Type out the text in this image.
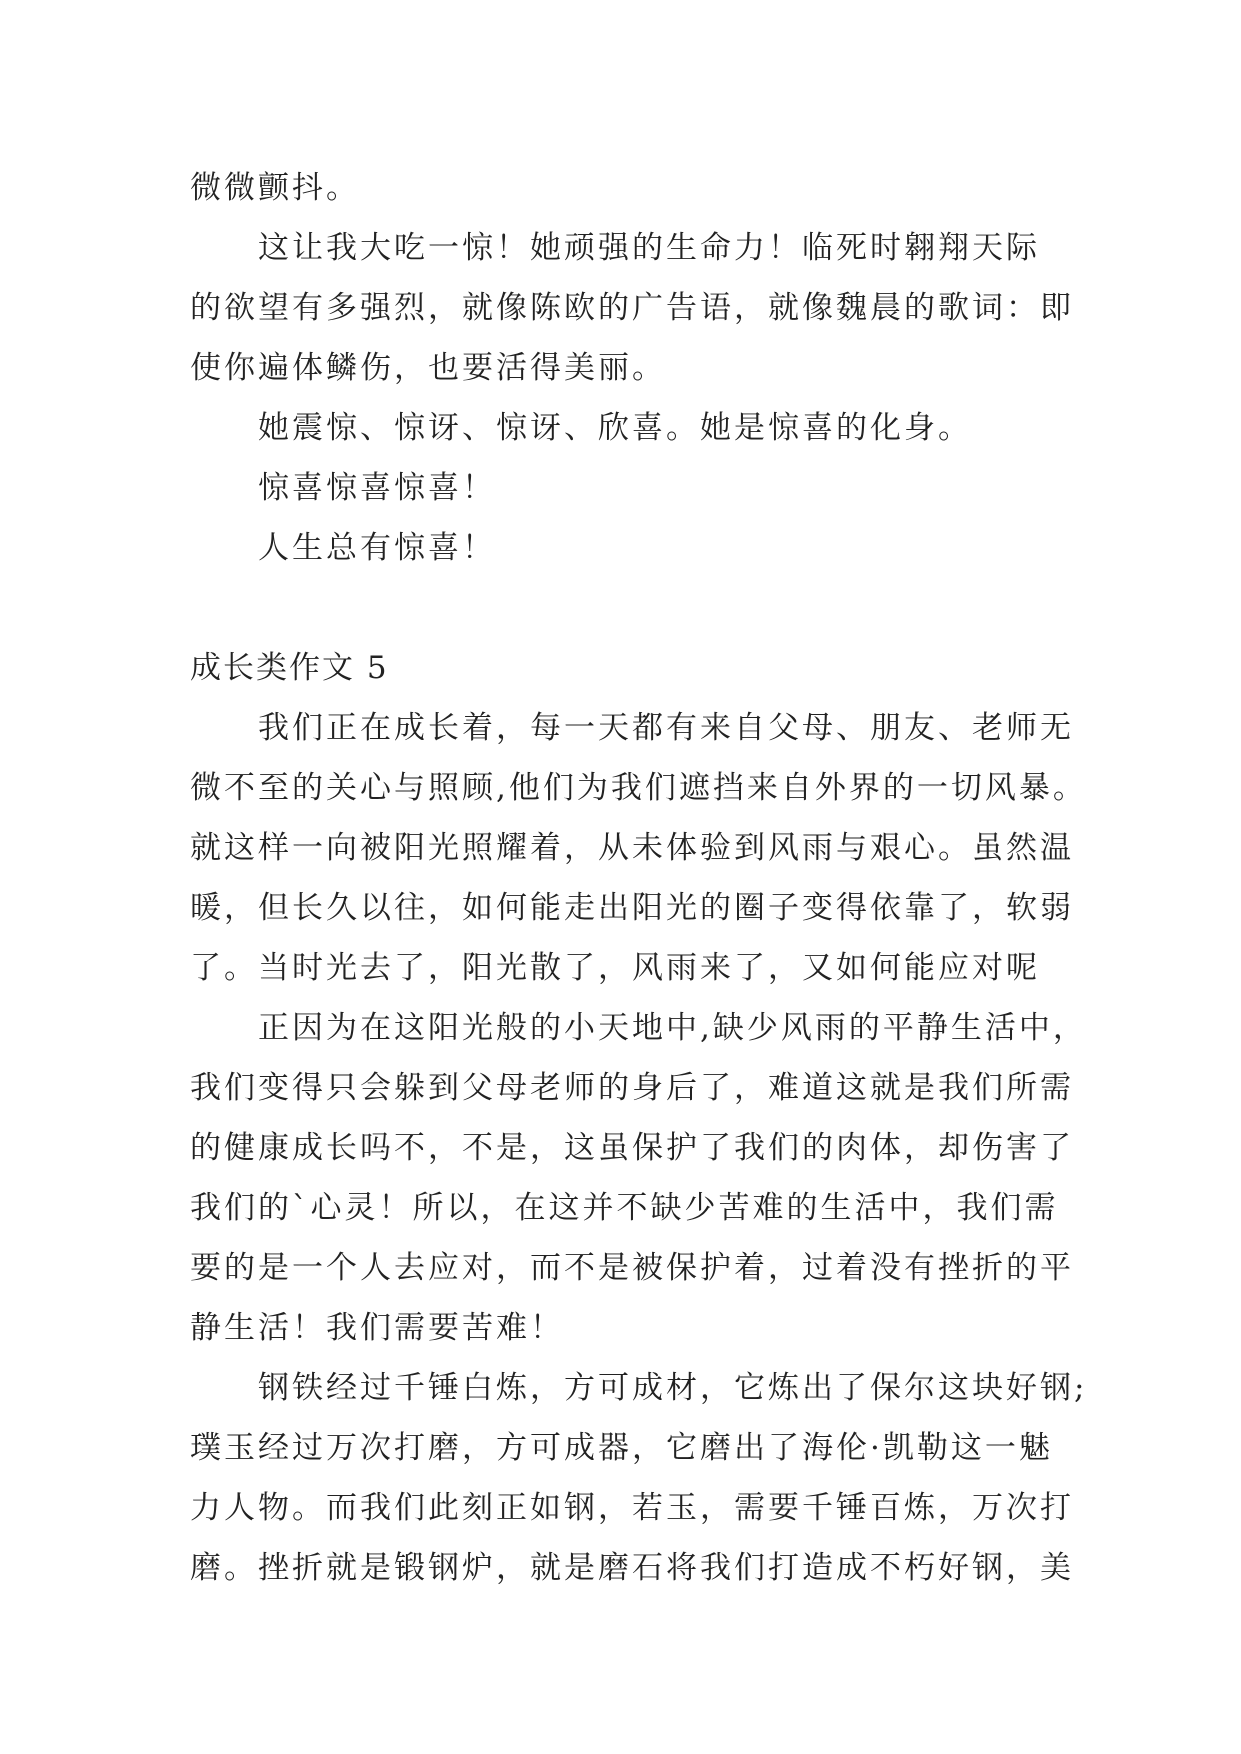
微微颤抖。
这让我大吃一惊！她顽强的生命力！临死时翱翔天际
的欲望有多强烈，就像陈欧的广告语，就像魏晨的歌词：即
使你遍体鳞伤，也要活得美丽。
她震惊、惊讶、惊讶、欣喜。她是惊喜的化身。
惊喜惊喜惊喜！
人生总有惊喜！
成长类作文 5
我们正在成长着，每一天都有来自父母、朋友、老师无
微不至的关心与照顾,他们为我们遮挡来自外界的一切风暴。
就这样一向被阳光照耀着，从未体验到风雨与艰心。虽然温
暖，但长久以往，如何能走出阳光的圈子变得依靠了，软弱
了。当时光去了，阳光散了，风雨来了，又如何能应对呢
正因为在这阳光般的小天地中,缺少风雨的平静生活中，
我们变得只会躲到父母老师的身后了，难道这就是我们所需
的健康成长吗不，不是，这虽保护了我们的肉体，却伤害了
我们的`心灵！所以，在这并不缺少苦难的生活中，我们需
要的是一个人去应对，而不是被保护着，过着没有挫折的平
静生活！我们需要苦难！
钢铁经过千锤白炼，方可成材，它炼出了保尔这块好钢;
璞玉经过万次打磨，方可成器，它磨出了海伦·凯勒这一魅
力人物。而我们此刻正如钢，若玉，需要千锤百炼，万次打
磨。挫折就是锻钢炉，就是磨石将我们打造成不朽好钢，美
